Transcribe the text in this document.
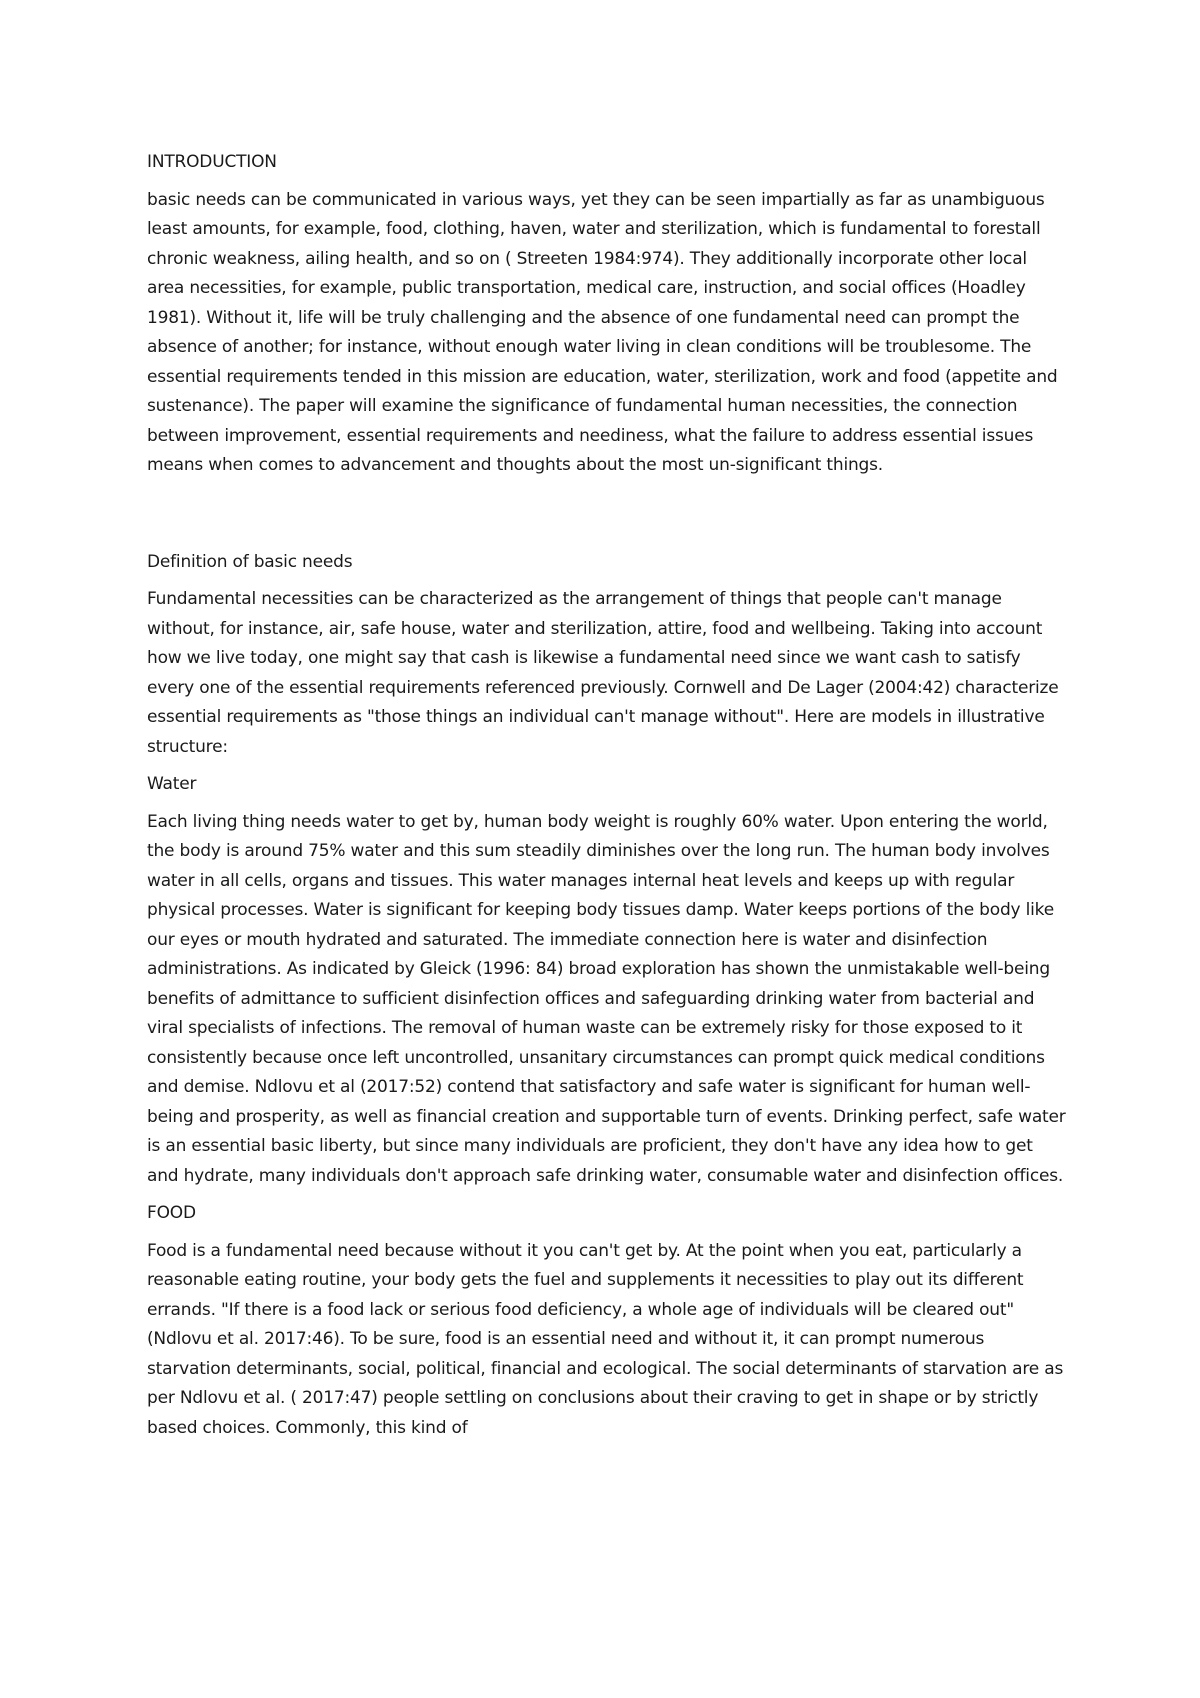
INTRODUCTION

basic needs can be communicated in various ways, yet they can be seen impartially as far as unambiguous least amounts, for example, food, clothing, haven, water and sterilization, which is fundamental to forestall chronic weakness, ailing health, and so on ( Streeten 1984:974). They additionally incorporate other local area necessities, for example, public transportation, medical care, instruction, and social offices (Hoadley 1981). Without it, life will be truly challenging and the absence of one fundamental need can prompt the absence of another; for instance, without enough water living in clean conditions will be troublesome. The essential requirements tended in this mission are education, water, sterilization, work and food (appetite and sustenance). The paper will examine the significance of fundamental human necessities, the connection between improvement, essential requirements and neediness, what the failure to address essential issues means when comes to advancement and thoughts about the most un-significant things.

Definition of basic needs

Fundamental necessities can be characterized as the arrangement of things that people can't manage without, for instance, air, safe house, water and sterilization, attire, food and wellbeing. Taking into account how we live today, one might say that cash is likewise a fundamental need since we want cash to satisfy every one of the essential requirements referenced previously. Cornwell and De Lager (2004:42) characterize essential requirements as "those things an individual can't manage without". Here are models in illustrative structure:

Water

Each living thing needs water to get by, human body weight is roughly 60% water. Upon entering the world, the body is around 75% water and this sum steadily diminishes over the long run. The human body involves water in all cells, organs and tissues. This water manages internal heat levels and keeps up with regular physical processes. Water is significant for keeping body tissues damp. Water keeps portions of the body like our eyes or mouth hydrated and saturated. The immediate connection here is water and disinfection administrations. As indicated by Gleick (1996: 84) broad exploration has shown the unmistakable well-being benefits of admittance to sufficient disinfection offices and safeguarding drinking water from bacterial and viral specialists of infections. The removal of human waste can be extremely risky for those exposed to it consistently because once left uncontrolled, unsanitary circumstances can prompt quick medical conditions and demise. Ndlovu et al (2017:52) contend that satisfactory and safe water is significant for human well-being and prosperity, as well as financial creation and supportable turn of events. Drinking perfect, safe water is an essential basic liberty, but since many individuals are proficient, they don't have any idea how to get and hydrate, many individuals don't approach safe drinking water, consumable water and disinfection offices.

FOOD

Food is a fundamental need because without it you can't get by. At the point when you eat, particularly a reasonable eating routine, your body gets the fuel and supplements it necessities to play out its different errands. "If there is a food lack or serious food deficiency, a whole age of individuals will be cleared out" (Ndlovu et al. 2017:46). To be sure, food is an essential need and without it, it can prompt numerous starvation determinants, social, political, financial and ecological. The social determinants of starvation are as per Ndlovu et al. ( 2017:47) people settling on conclusions about their craving to get in shape or by strictly based choices. Commonly, this kind of
